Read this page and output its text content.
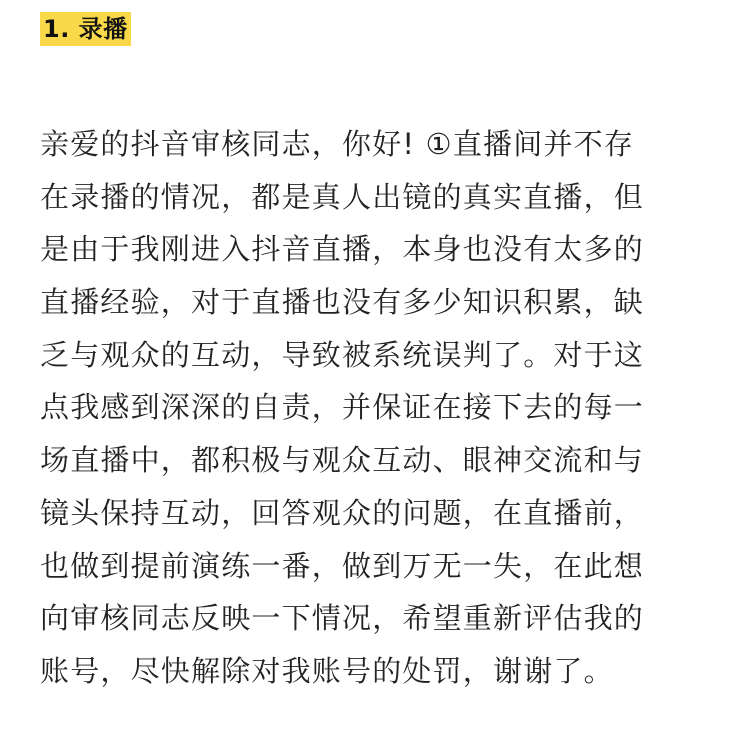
1. 录播
亲爱的抖音审核同志，你好! ①直播间并不存
在录播的情况，都是真人出镜的真实直播，但
是由于我刚进入抖音直播，本身也没有太多的
直播经验，对于直播也没有多少知识积累，缺
乏与观众的互动，导致被系统误判了。对于这
点我感到深深的自责，并保证在接下去的每一
场直播中，都积极与观众互动、眼神交流和与
镜头保持互动，回答观众的问题，在直播前，
也做到提前演练一番，做到万无一失，在此想
向审核同志反映一下情况，希望重新评估我的
账号，尽快解除对我账号的处罚，谢谢了。
